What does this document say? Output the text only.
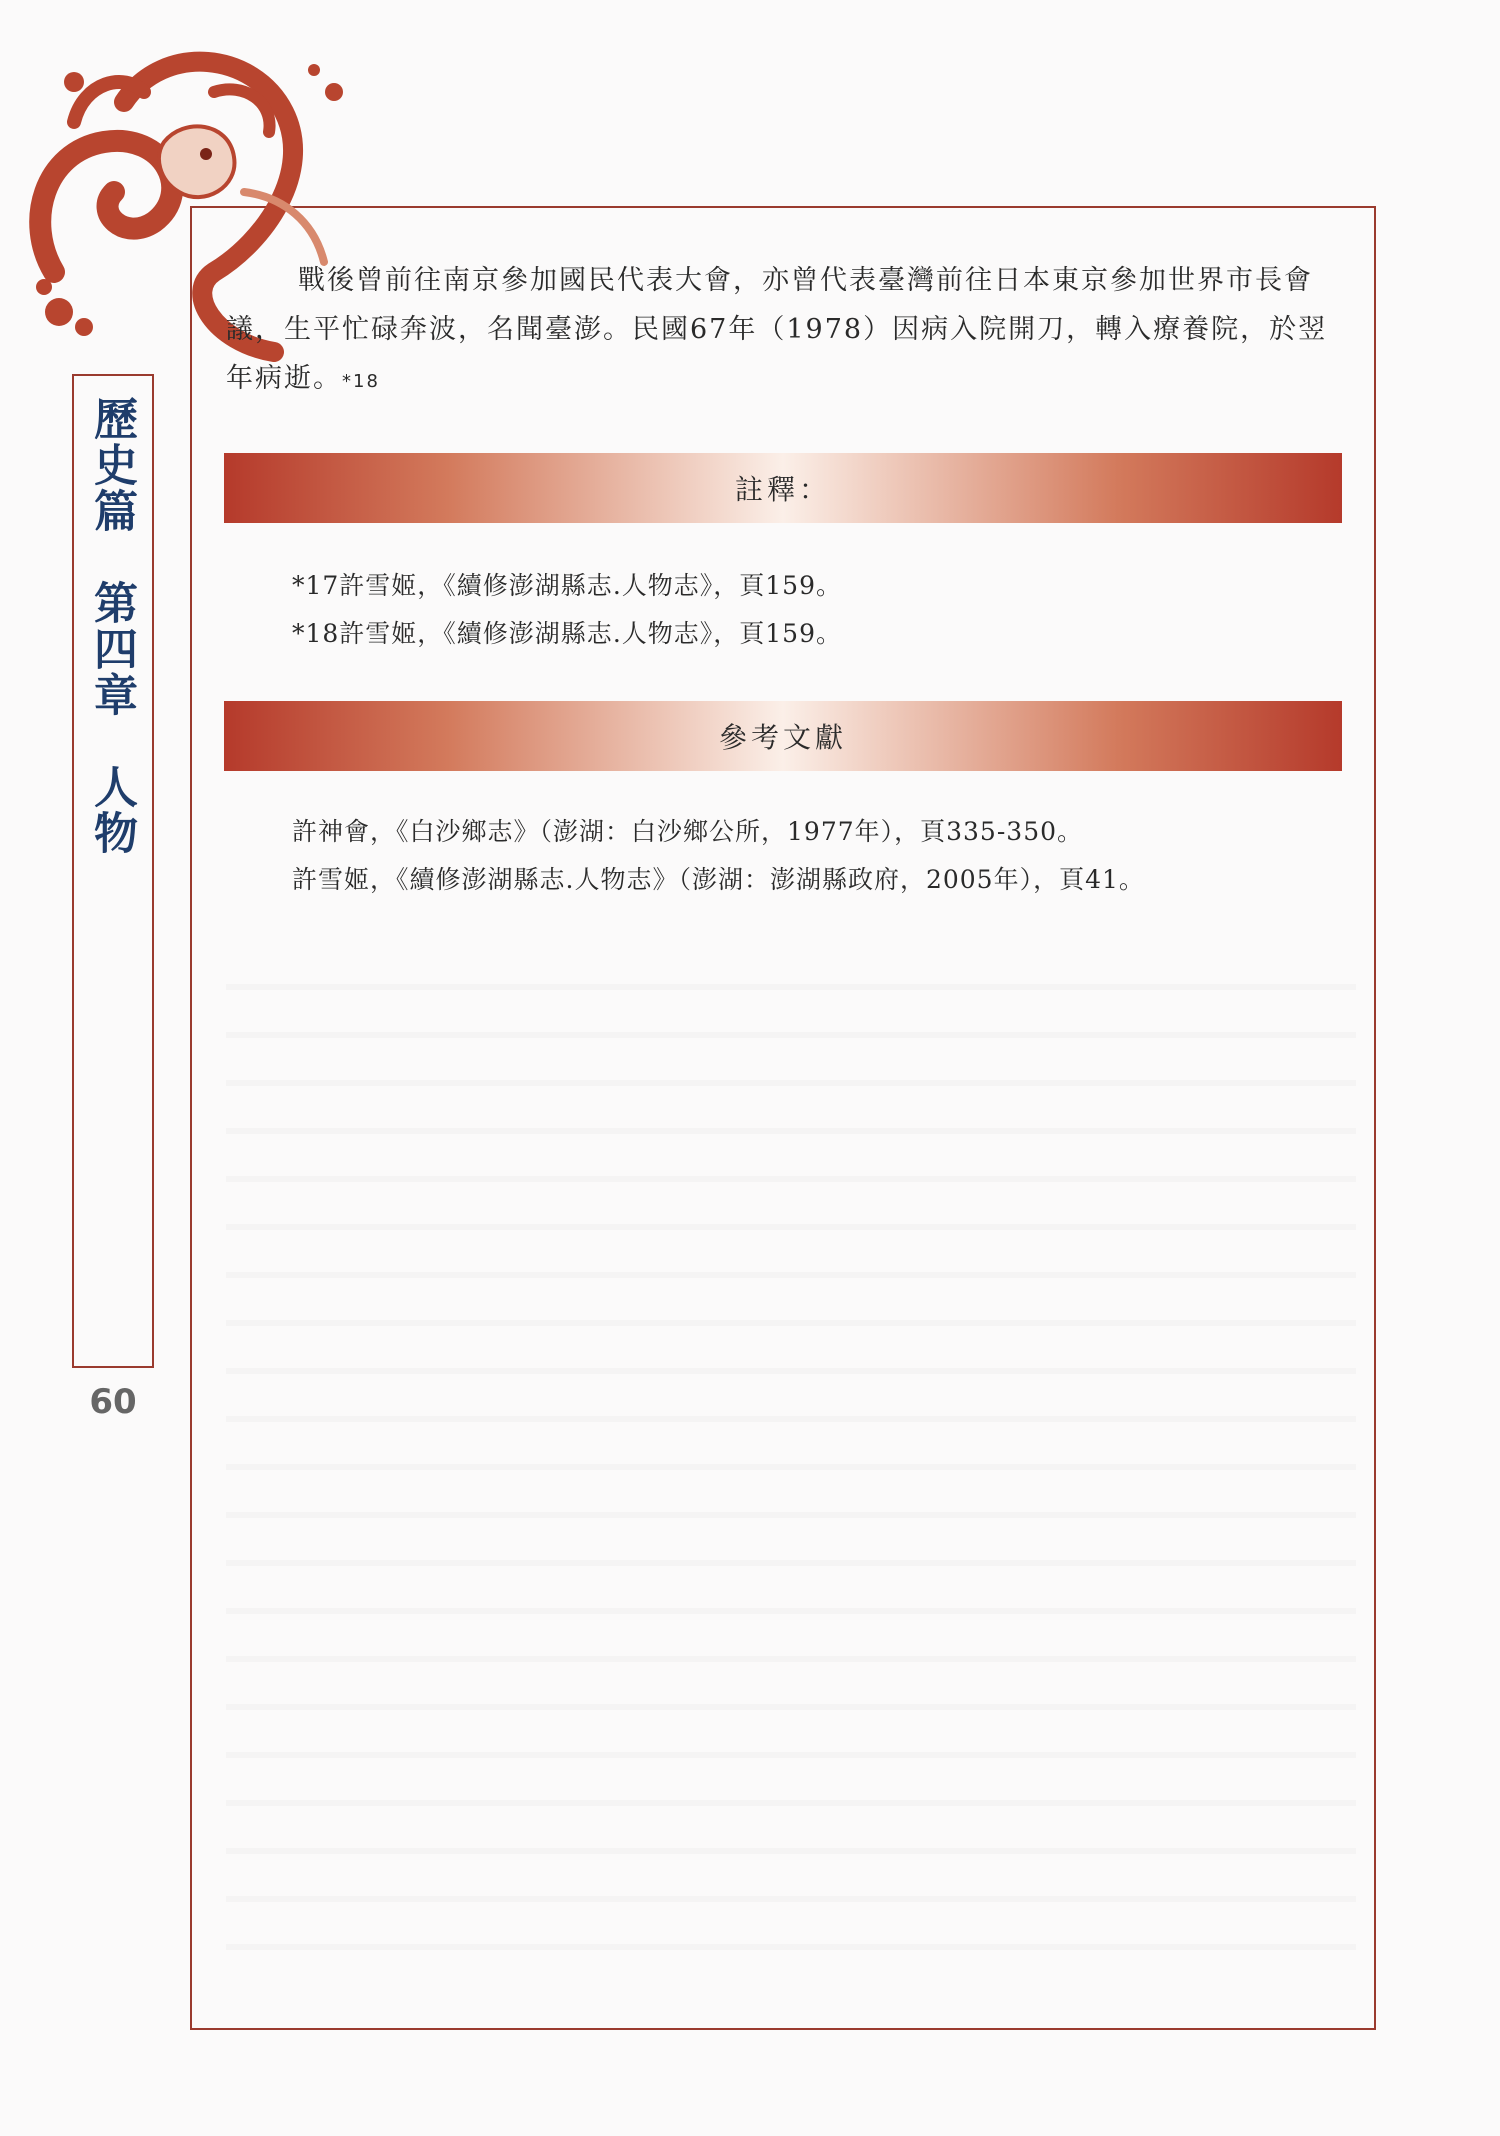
歷史篇　第四章　人物
60

戰後曾前往南京參加國民代表大會，亦曾代表臺灣前往日本東京參加世界市長會議，生平忙碌奔波，名聞臺澎。民國67年（1978）因病入院開刀，轉入療養院，於翌年病逝。*18

註釋：
*17許雪姬，《續修澎湖縣志.人物志》，頁159。
*18許雪姬，《續修澎湖縣志.人物志》，頁159。
參考文獻
許神會，《白沙鄉志》（澎湖：白沙鄉公所，1977年），頁335-350。
許雪姬，《續修澎湖縣志.人物志》（澎湖：澎湖縣政府，2005年），頁41。
